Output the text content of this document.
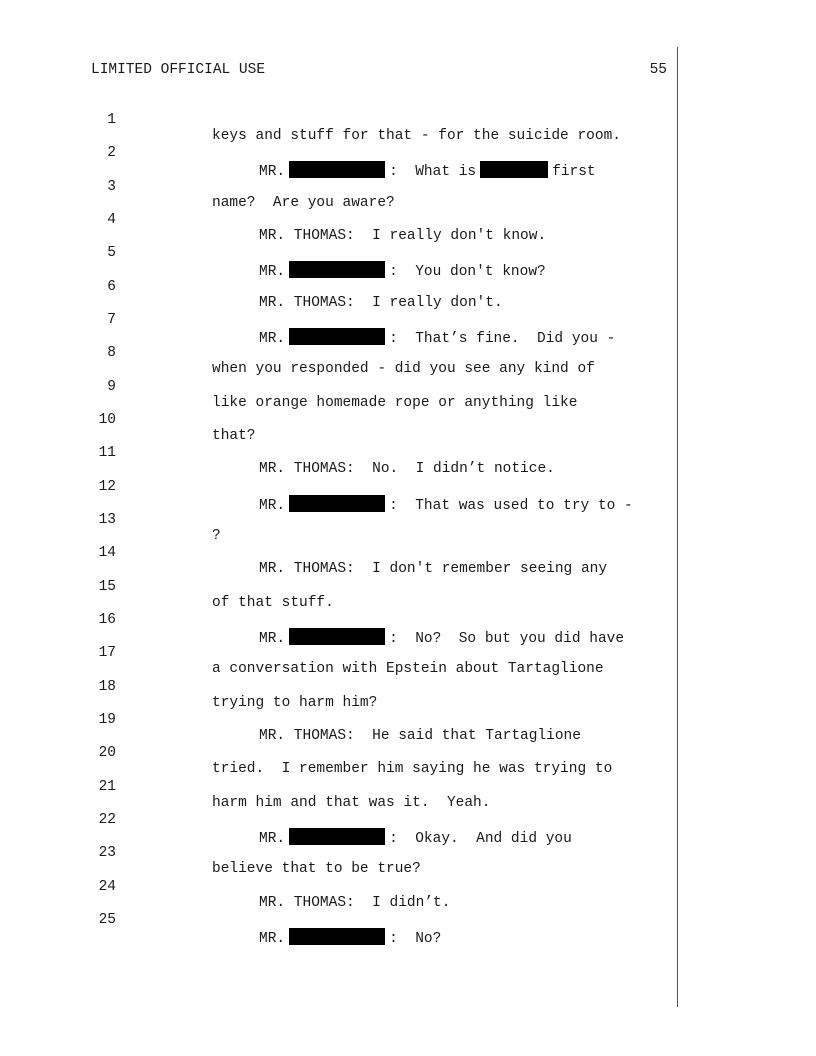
LIMITED OFFICIAL USE

	55

1

keys and stuff for that - for the suicide room.

2

MR.	:  What is	first

3

name?  Are you aware?

4

MR. THOMAS:  I really don't know.

5

MR.	:  You don't know?

6

MR. THOMAS:  I really don't.

7

MR.	:  That’s fine.  Did you -

8

when you responded - did you see any kind of

9

like orange homemade rope or anything like

10

that?

11

MR. THOMAS:  No.  I didn’t notice.

12

MR.	:  That was used to try to -

13

?

14

MR. THOMAS:  I don't remember seeing any

15

of that stuff.

16

MR.	:  No?  So but you did have

17

a conversation with Epstein about Tartaglione

18

trying to harm him?

19

MR. THOMAS:  He said that Tartaglione

20

tried.  I remember him saying he was trying to

21

harm him and that was it.  Yeah.

22

MR.	:  Okay.  And did you

23

believe that to be true?

24

MR. THOMAS:  I didn’t.

25

MR.	:  No?
